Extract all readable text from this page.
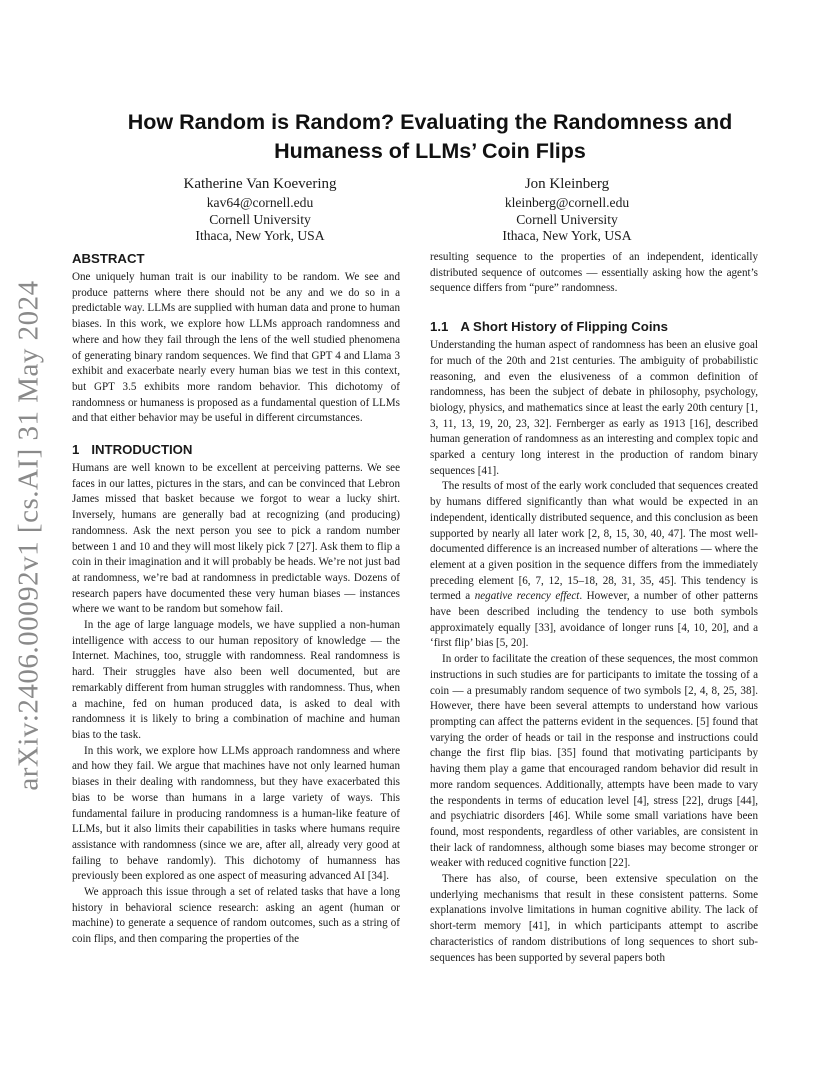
arXiv:2406.00092v1 [cs.AI] 31 May 2024
How Random is Random? Evaluating the Randomness and
Humaness of LLMs’ Coin Flips
Katherine Van Koevering
kav64@cornell.edu
Cornell University
Ithaca, New York, USA
Jon Kleinberg
kleinberg@cornell.edu
Cornell University
Ithaca, New York, USA
ABSTRACT

One uniquely human trait is our inability to be random. We see and produce patterns where there should not be any and we do so in a predictable way. LLMs are supplied with human data and prone to human biases. In this work, we explore how LLMs approach randomness and where and how they fail through the lens of the well studied phenomena of generating binary random sequences. We find that GPT 4 and Llama 3 exhibit and exacerbate nearly every human bias we test in this context, but GPT 3.5 exhibits more random behavior. This dichotomy of randomness or humaness is proposed as a fundamental question of LLMs and that either behavior may be useful in different circumstances.

1 INTRODUCTION

Humans are well known to be excellent at perceiving patterns. We see faces in our lattes, pictures in the stars, and can be convinced that Lebron James missed that basket because we forgot to wear a lucky shirt. Inversely, humans are generally bad at recognizing (and producing) randomness. Ask the next person you see to pick a random number between 1 and 10 and they will most likely pick 7 [27]. Ask them to flip a coin in their imagination and it will probably be heads. We’re not just bad at randomness, we’re bad at randomness in predictable ways. Dozens of research papers have documented these very human biases — instances where we want to be random but somehow fail.

In the age of large language models, we have supplied a non-human intelligence with access to our human repository of knowledge — the Internet. Machines, too, struggle with randomness. Real randomness is hard. Their struggles have also been well documented, but are remarkably different from human struggles with randomness. Thus, when a machine, fed on human produced data, is asked to deal with randomness it is likely to bring a combination of machine and human bias to the task.

In this work, we explore how LLMs approach randomness and where and how they fail. We argue that machines have not only learned human biases in their dealing with randomness, but they have exacerbated this bias to be worse than humans in a large variety of ways. This fundamental failure in producing randomness is a human-like feature of LLMs, but it also limits their capabilities in tasks where humans require assistance with randomness (since we are, after all, already very good at failing to behave randomly). This dichotomy of humanness has previously been explored as one aspect of measuring advanced AI [34].

We approach this issue through a set of related tasks that have a long history in behavioral science research: asking an agent (human or machine) to generate a sequence of random outcomes, such as a string of coin flips, and then comparing the properties of the

resulting sequence to the properties of an independent, identically distributed sequence of outcomes — essentially asking how the agent’s sequence differs from “pure” randomness.

1.1 A Short History of Flipping Coins

Understanding the human aspect of randomness has been an elusive goal for much of the 20th and 21st centuries. The ambiguity of probabilistic reasoning, and even the elusiveness of a common definition of randomness, has been the subject of debate in philosophy, psychology, biology, physics, and mathematics since at least the early 20th century [1, 3, 11, 13, 19, 20, 23, 32]. Fernberger as early as 1913 [16], described human generation of randomness as an interesting and complex topic and sparked a century long interest in the production of random binary sequences [41].

The results of most of the early work concluded that sequences created by humans differed significantly than what would be expected in an independent, identically distributed sequence, and this conclusion as been supported by nearly all later work [2, 8, 15, 30, 40, 47]. The most well-documented difference is an increased number of alterations — where the element at a given position in the sequence differs from the immediately preceding element [6, 7, 12, 15–18, 28, 31, 35, 45]. This tendency is termed a negative recency effect. However, a number of other patterns have been described including the tendency to use both symbols approximately equally [33], avoidance of longer runs [4, 10, 20], and a ‘first flip’ bias [5, 20].

In order to facilitate the creation of these sequences, the most common instructions in such studies are for participants to imitate the tossing of a coin — a presumably random sequence of two symbols [2, 4, 8, 25, 38]. However, there have been several attempts to understand how various prompting can affect the patterns evident in the sequences. [5] found that varying the order of heads or tail in the response and instructions could change the first flip bias. [35] found that motivating participants by having them play a game that encouraged random behavior did result in more random sequences. Additionally, attempts have been made to vary the respondents in terms of education level [4], stress [22], drugs [44], and psychiatric disorders [46]. While some small variations have been found, most respondents, regardless of other variables, are consistent in their lack of randomness, although some biases may become stronger or weaker with reduced cognitive function [22].

There has also, of course, been extensive speculation on the underlying mechanisms that result in these consistent patterns. Some explanations involve limitations in human cognitive ability. The lack of short-term memory [41], in which participants attempt to ascribe characteristics of random distributions of long sequences to short sub-sequences has been supported by several papers both
